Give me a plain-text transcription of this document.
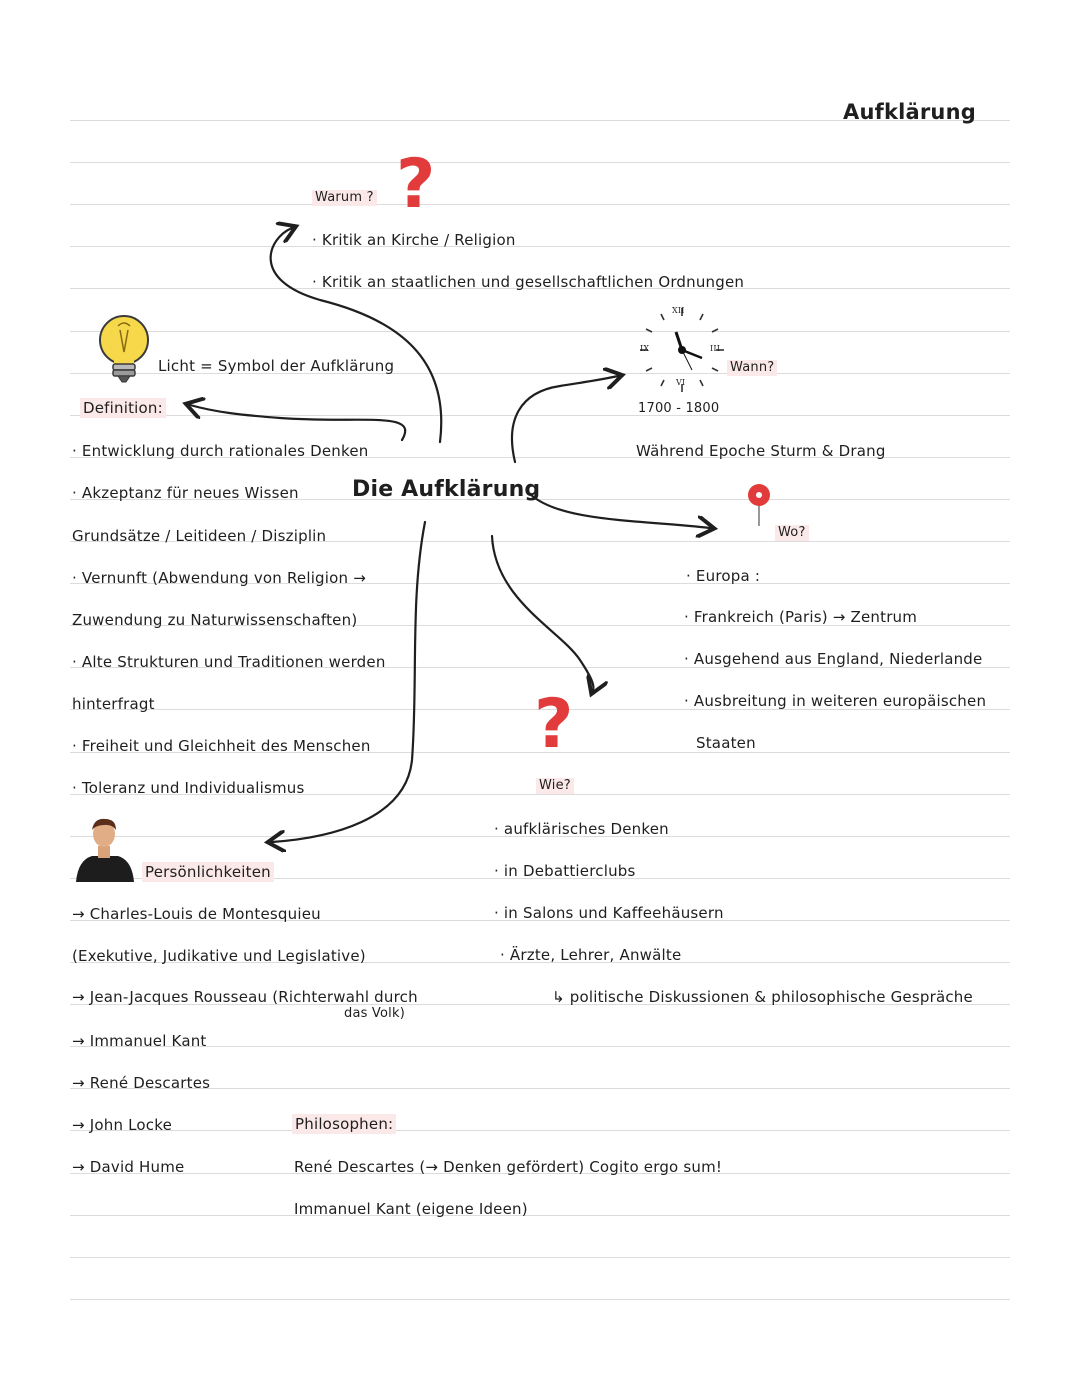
Aufklärung
Warum ? ?
· Kritik an Kirche / Religion
· Kritik an staatlichen und gesellschaftlichen Ordnungen
Licht = Symbol der Aufklärung
Definition:
· Entwicklung durch rationales Denken
· Akzeptanz für neues Wissen
Grundsätze / Leitideen / Disziplin
· Vernunft (Abwendung von Religion →
Zuwendung zu Naturwissenschaften)
· Alte Strukturen und Traditionen werden
hinterfragt
· Freiheit und Gleichheit des Menschen
· Toleranz und Individualismus
Die Aufklärung
XII
III
VI
IX
Wann?
1700 - 1800
Während Epoche Sturm & Drang
Wo?
· Europa :
· Frankreich (Paris) → Zentrum
· Ausgehend aus England, Niederlande
· Ausbreitung in weiteren europäischen
Staaten
?
Wie?
· aufklärisches Denken
· in Debattierclubs
· in Salons und Kaffeehäusern
· Ärzte, Lehrer, Anwälte
↳ politische Diskussionen & philosophische Gespräche
Persönlichkeiten
→ Charles-Louis de Montesquieu
(Exekutive, Judikative und Legislative)
→ Jean-Jacques Rousseau (Richterwahl durch
das Volk)
→ Immanuel Kant
→ René Descartes
→ John Locke
→ David Hume
Philosophen:
René Descartes (→ Denken gefördert) Cogito ergo sum!
Immanuel Kant (eigene Ideen)
